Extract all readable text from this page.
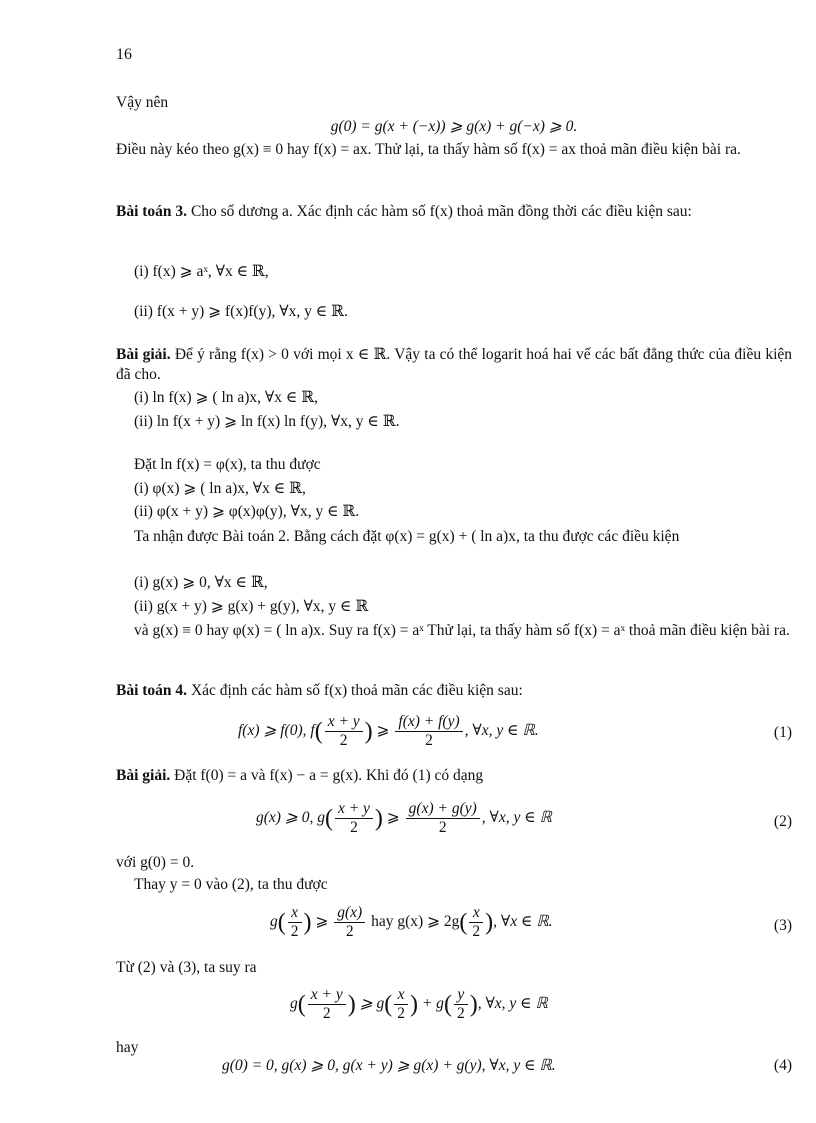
16
Vậy nên
g(0) = g(x + (−x)) ⩾ g(x) + g(−x) ⩾ 0.
Điều này kéo theo g(x) ≡ 0 hay f(x) = ax. Thử lại, ta thấy hàm số f(x) = ax thoả mãn điều kiện bài ra.
Bài toán 3. Cho số dương a. Xác định các hàm số f(x) thoả mãn đồng thời các điều kiện sau:
(i) f(x) ⩾ aˣ, ∀x ∈ ℝ,
(ii) f(x + y) ⩾ f(x)f(y), ∀x, y ∈ ℝ.
Bài giải. Để ý rằng f(x) > 0 với mọi x ∈ ℝ. Vậy ta có thể logarit hoá hai vế các bất đẳng thức của điều kiện đã cho.
(i) ln f(x) ⩾ ( ln a)x, ∀x ∈ ℝ,
(ii) ln f(x + y) ⩾ ln f(x) ln f(y), ∀x, y ∈ ℝ.
Đặt ln f(x) = φ(x), ta thu được
(i) φ(x) ⩾ ( ln a)x, ∀x ∈ ℝ,
(ii) φ(x + y) ⩾ φ(x)φ(y), ∀x, y ∈ ℝ.
Ta nhận được Bài toán 2. Bằng cách đặt φ(x) = g(x) + ( ln a)x, ta thu được các điều kiện
(i) g(x) ⩾ 0, ∀x ∈ ℝ,
(ii) g(x + y) ⩾ g(x) + g(y), ∀x, y ∈ ℝ
và g(x) ≡ 0 hay φ(x) = ( ln a)x. Suy ra f(x) = aˣ Thử lại, ta thấy hàm số f(x) = aˣ thoả mãn điều kiện bài ra.
Bài toán 4. Xác định các hàm số f(x) thoả mãn các điều kiện sau:
f(x) ⩾ f(0), $f( \frac{x + y}{2}$ ) ⩾ $\frac{f(x) + f(y)}{2}$ , ∀x, y ∈ ℝ.	(1)
Bài giải. Đặt f(0) = a và f(x) − a = g(x). Khi đó (1) có dạng
g(x) ⩾ 0, $g( \frac{x + y}{2}$ ) ⩾ $\frac{g(x) + g(y)}{2}$ , ∀x, y ∈ ℝ	(2)
với g(0) = 0.
Thay y = 0 vào (2), ta thu được
$g( \frac{x}{2}$ ) ⩾ $\frac{g(x)}{2}$ hay g(x) ⩾ $2g( \frac{x}{2}$ ), ∀x ∈ ℝ.	(3)
Từ (2) và (3), ta suy ra
$g( \frac{x + y}{2}$ ) ⩾ $g( \frac{x}{2}$ ) + $g( \frac{y}{2}$ ), ∀x, y ∈ ℝ
hay
g(0) = 0, g(x) ⩾ 0, g(x + y) ⩾ g(x) + g(y), ∀x, y ∈ ℝ.	(4)
